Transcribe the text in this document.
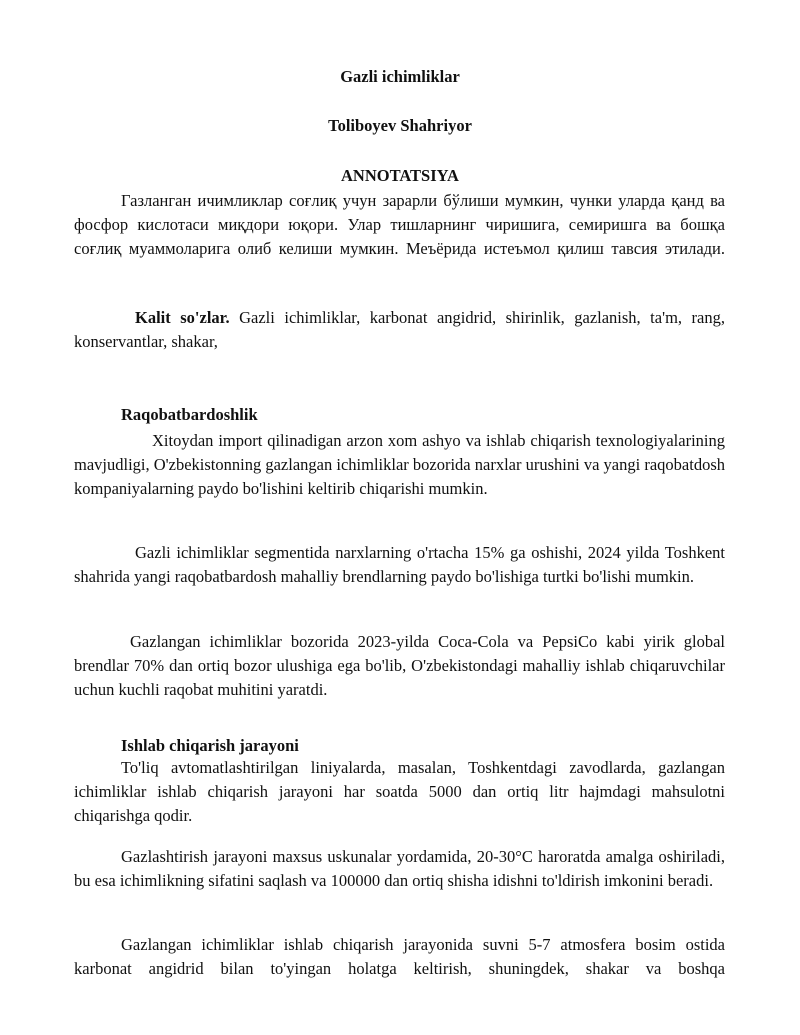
Gazli ichimliklar
Toliboyev Shahriyor
ANNOTATSIYA
Газланган ичимликлар соғлиқ учун зарарли бўлиши мумкин, чунки уларда қанд ва фосфор кислотаси миқдори юқори. Улар тишларнинг чиришига, семиришга ва бошқа соғлиқ муаммоларига олиб келиши мумкин. Меъёрида истеъмол қилиш тавсия этилади.
Kalit so'zlar. Gazli ichimliklar, karbonat angidrid, shirinlik, gazlanish, ta'm, rang, konservantlar, shakar,
Raqobatbardoshlik
Xitoydan import qilinadigan arzon xom ashyo va ishlab chiqarish texnologiyalarining mavjudligi, O'zbekistonning gazlangan ichimliklar bozorida narxlar urushini va yangi raqobatdosh kompaniyalarning paydo bo'lishini keltirib chiqarishi mumkin.
Gazli ichimliklar segmentida narxlarning o'rtacha 15% ga oshishi, 2024 yilda Toshkent shahrida yangi raqobatbardosh mahalliy brendlarning paydo bo'lishiga turtki bo'lishi mumkin.
Gazlangan ichimliklar bozorida 2023-yilda Coca-Cola va PepsiCo kabi yirik global brendlar 70% dan ortiq bozor ulushiga ega bo'lib, O'zbekistondagi mahalliy ishlab chiqaruvchilar uchun kuchli raqobat muhitini yaratdi.
Ishlab chiqarish jarayoni
To'liq avtomatlashtirilgan liniyalarda, masalan, Toshkentdagi zavodlarda, gazlangan ichimliklar ishlab chiqarish jarayoni har soatda 5000 dan ortiq litr hajmdagi mahsulotni chiqarishga qodir.
Gazlashtirish jarayoni maxsus uskunalar yordamida, 20-30°C haroratda amalga oshiriladi, bu esa ichimlikning sifatini saqlash va 100000 dan ortiq shisha idishni to'ldirish imkonini beradi.
Gazlangan ichimliklar ishlab chiqarish jarayonida suvni 5-7 atmosfera bosim ostida karbonat angidrid bilan to'yingan holatga keltirish, shuningdek, shakar va boshqa
